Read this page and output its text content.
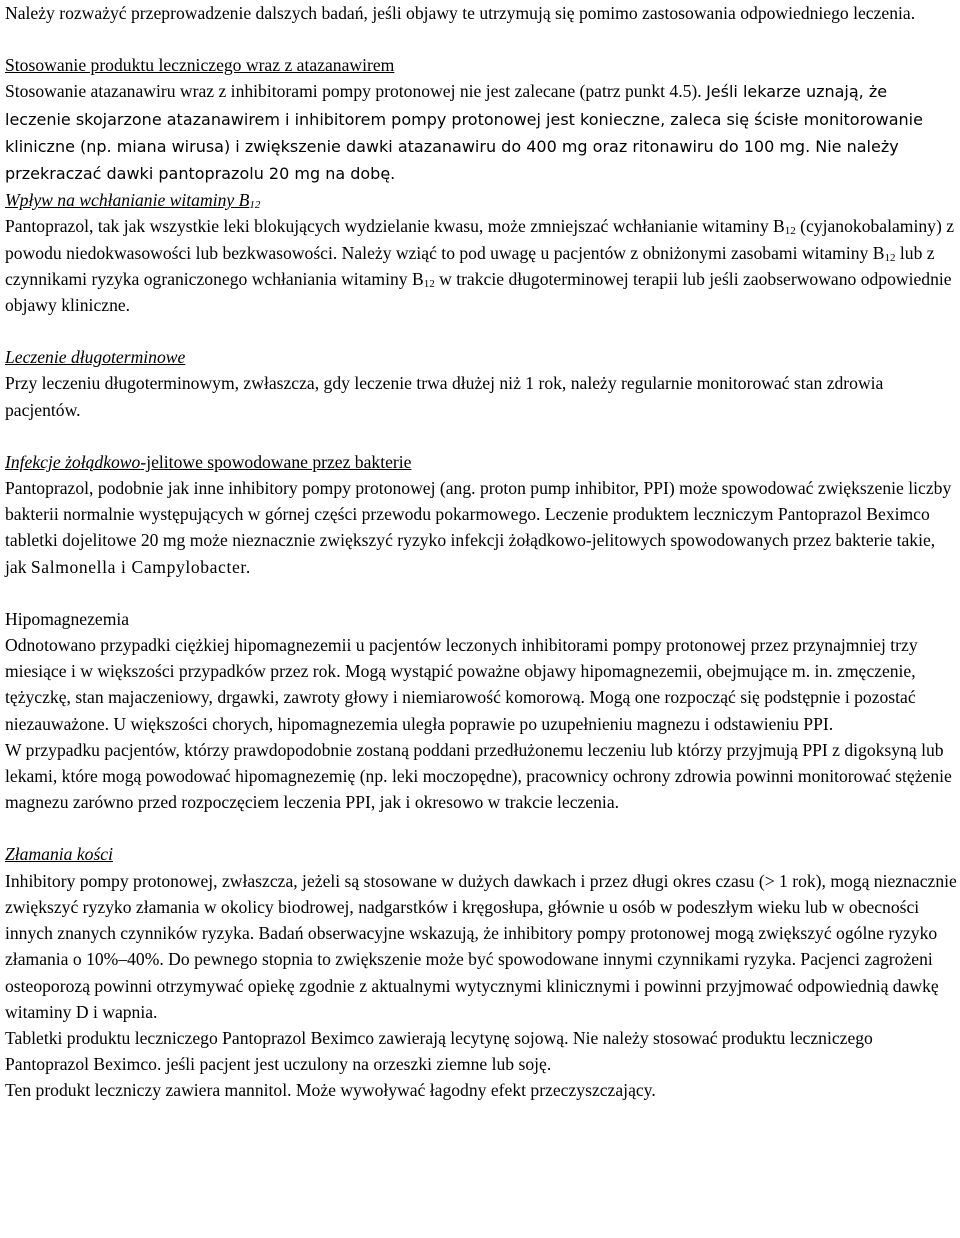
Należy rozważyć przeprowadzenie dalszych badań, jeśli objawy te utrzymują się pomimo zastosowania odpowiedniego leczenia.

Stosowanie produktu leczniczego wraz z atazanawirem

Stosowanie atazanawiru wraz z inhibitorami pompy protonowej nie jest zalecane (patrz punkt 4.5). Jeśli lekarze uznają, że leczenie skojarzone atazanawirem i inhibitorem pompy protonowej jest konieczne, zaleca się ścisłe monitorowanie kliniczne (np. miana wirusa) i zwiększenie dawki atazanawiru do 400 mg oraz ritonawiru do 100 mg. Nie należy przekraczać dawki pantoprazolu 20 mg na dobę.

Wpływ na wchłanianie witaminy $B_{12}$

Pantoprazol, tak jak wszystkie leki blokujących wydzielanie kwasu, może zmniejszać wchłanianie witaminy $B_{12}$ (cyjanokobalaminy) z powodu niedokwasowości lub bezkwasowości. Należy wziąć to pod uwagę u pacjentów z obniżonymi zasobami witaminy $B_{12}$ lub z czynnikami ryzyka ograniczonego wchłaniania witaminy $B_{12}$ w trakcie długoterminowej terapii lub jeśli zaobserwowano odpowiednie objawy kliniczne.

Leczenie długoterminowe

Przy leczeniu długoterminowym, zwłaszcza, gdy leczenie trwa dłużej niż 1 rok, należy regularnie monitorować stan zdrowia pacjentów.

Infekcje żołądkowo-jelitowe spowodowane przez bakterie

Pantoprazol, podobnie jak inne inhibitory pompy protonowej (ang. proton pump inhibitor, PPI) może spowodować zwiększenie liczby bakterii normalnie występujących w górnej części przewodu pokarmowego. Leczenie produktem leczniczym Pantoprazol Beximco tabletki dojelitowe 20 mg może nieznacznie zwiększyć ryzyko infekcji żołądkowo-jelitowych spowodowanych przez bakterie takie, jak Salmonella i Campylobacter.

Hipomagnezemia

Odnotowano przypadki ciężkiej hipomagnezemii u pacjentów leczonych inhibitorami pompy protonowej przez przynajmniej trzy miesiące i w większości przypadków przez rok. Mogą wystąpić poważne objawy hipomagnezemii, obejmujące m. in. zmęczenie, tężyczkę, stan majaczeniowy, drgawki, zawroty głowy i niemiarowość komorową. Mogą one rozpocząć się podstępnie i pozostać niezauważone. U większości chorych, hipomagnezemia uległa poprawie po uzupełnieniu magnezu i odstawieniu PPI.

W przypadku pacjentów, którzy prawdopodobnie zostaną poddani przedłużonemu leczeniu lub którzy przyjmują PPI z digoksyną lub lekami, które mogą powodować hipomagnezemię (np. leki moczopędne), pracownicy ochrony zdrowia powinni monitorować stężenie magnezu zarówno przed rozpoczęciem leczenia PPI, jak i okresowo w trakcie leczenia.

Złamania kości

Inhibitory pompy protonowej, zwłaszcza, jeżeli są stosowane w dużych dawkach i przez długi okres czasu (> 1 rok), mogą nieznacznie zwiększyć ryzyko złamania w okolicy biodrowej, nadgarstków i kręgosłupa, głównie u osób w podeszłym wieku lub w obecności innych znanych czynników ryzyka. Badań obserwacyjne wskazują, że inhibitory pompy protonowej mogą zwiększyć ogólne ryzyko złamania o 10%–40%. Do pewnego stopnia to zwiększenie może być spowodowane innymi czynnikami ryzyka. Pacjenci zagrożeni osteoporozą powinni otrzymywać opiekę zgodnie z aktualnymi wytycznymi klinicznymi i powinni przyjmować odpowiednią dawkę witaminy D i wapnia.

Tabletki produktu leczniczego Pantoprazol Beximco zawierają lecytynę sojową. Nie należy stosować produktu leczniczego Pantoprazol Beximco. jeśli pacjent jest uczulony na orzeszki ziemne lub soję.

Ten produkt leczniczy zawiera mannitol. Może wywoływać łagodny efekt przeczyszczający.
